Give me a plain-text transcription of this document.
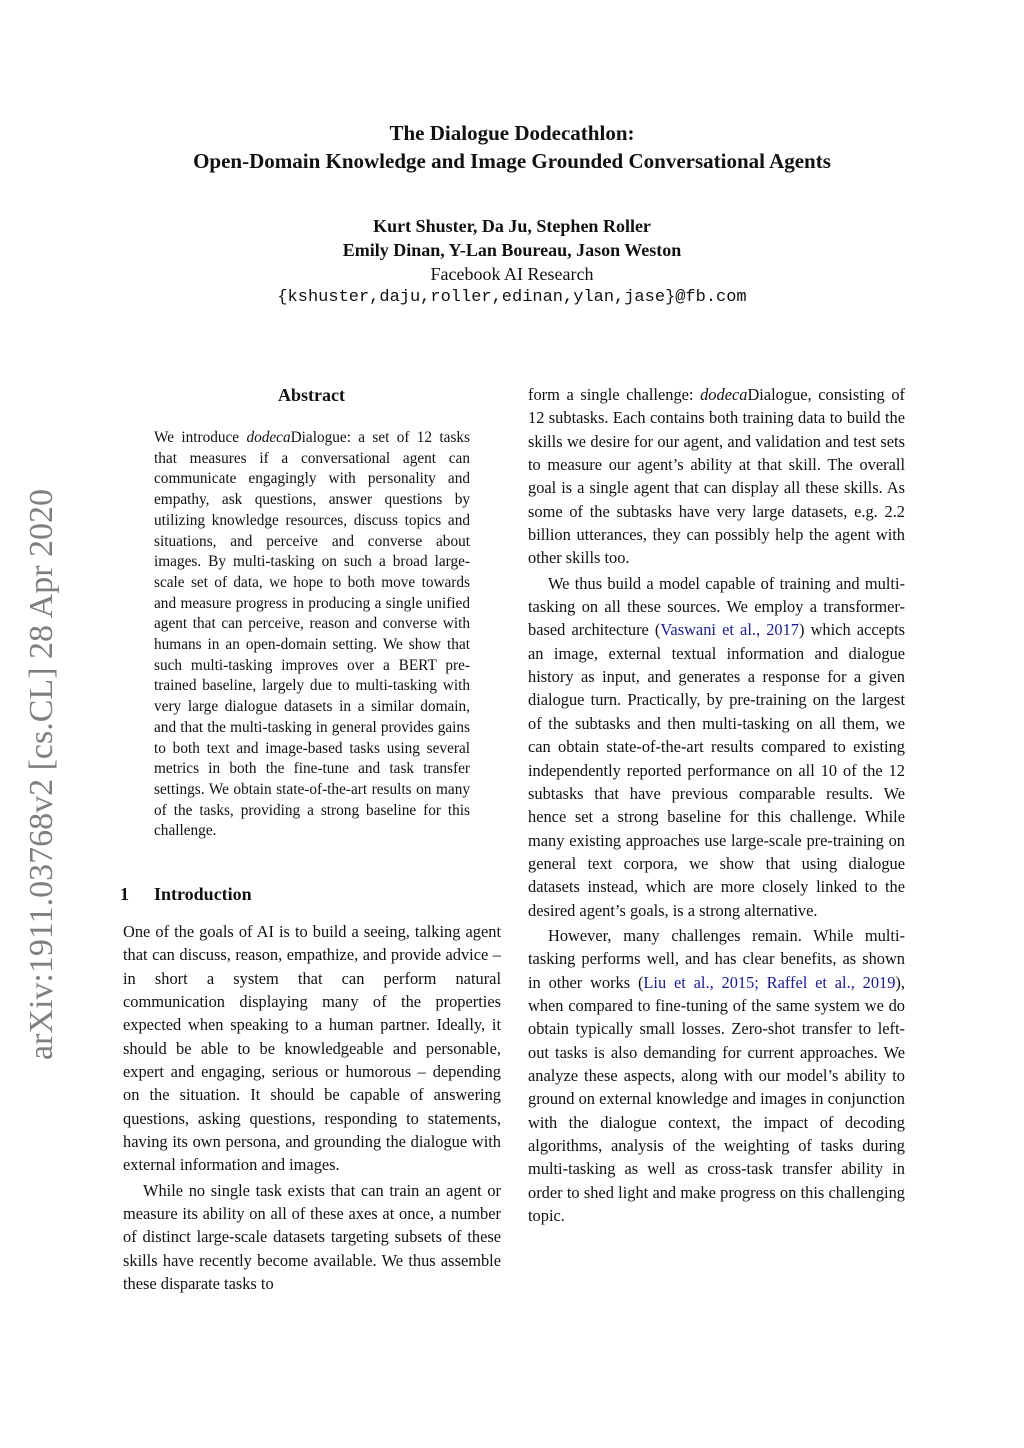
The Dialogue Dodecathlon:
Open-Domain Knowledge and Image Grounded Conversational Agents
Kurt Shuster, Da Ju, Stephen Roller
Emily Dinan, Y-Lan Boureau, Jason Weston
Facebook AI Research
{kshuster,daju,roller,edinan,ylan,jase}@fb.com
arXiv:1911.03768v2 [cs.CL] 28 Apr 2020
Abstract

We introduce dodecaDialogue: a set of 12 tasks that measures if a conversational agent can communicate engagingly with personality and empathy, ask questions, answer questions by utilizing knowledge resources, discuss topics and situations, and perceive and converse about images. By multi-tasking on such a broad large-scale set of data, we hope to both move towards and measure progress in producing a single unified agent that can perceive, reason and converse with humans in an open-domain setting. We show that such multi-tasking improves over a BERT pre-trained baseline, largely due to multi-tasking with very large dialogue datasets in a similar domain, and that the multi-tasking in general provides gains to both text and image-based tasks using several metrics in both the fine-tune and task transfer settings. We obtain state-of-the-art results on many of the tasks, providing a strong baseline for this challenge.

1 Introduction

One of the goals of AI is to build a seeing, talking agent that can discuss, reason, empathize, and provide advice – in short a system that can perform natural communication displaying many of the properties expected when speaking to a human partner. Ideally, it should be able to be knowledgeable and personable, expert and engaging, serious or humorous – depending on the situation. It should be capable of answering questions, asking questions, responding to statements, having its own persona, and grounding the dialogue with external information and images.

While no single task exists that can train an agent or measure its ability on all of these axes at once, a number of distinct large-scale datasets targeting subsets of these skills have recently become available. We thus assemble these disparate tasks to

form a single challenge: dodecaDialogue, consisting of 12 subtasks. Each contains both training data to build the skills we desire for our agent, and validation and test sets to measure our agent’s ability at that skill. The overall goal is a single agent that can display all these skills. As some of the subtasks have very large datasets, e.g. 2.2 billion utterances, they can possibly help the agent with other skills too.

We thus build a model capable of training and multi-tasking on all these sources. We employ a transformer-based architecture (Vaswani et al., 2017) which accepts an image, external textual information and dialogue history as input, and generates a response for a given dialogue turn. Practically, by pre-training on the largest of the subtasks and then multi-tasking on all them, we can obtain state-of-the-art results compared to existing independently reported performance on all 10 of the 12 subtasks that have previous comparable results. We hence set a strong baseline for this challenge. While many existing approaches use large-scale pre-training on general text corpora, we show that using dialogue datasets instead, which are more closely linked to the desired agent’s goals, is a strong alternative.

However, many challenges remain. While multi-tasking performs well, and has clear benefits, as shown in other works (Liu et al., 2015; Raffel et al., 2019), when compared to fine-tuning of the same system we do obtain typically small losses. Zero-shot transfer to left-out tasks is also demanding for current approaches. We analyze these aspects, along with our model’s ability to ground on external knowledge and images in conjunction with the dialogue context, the impact of decoding algorithms, analysis of the weighting of tasks during multi-tasking as well as cross-task transfer ability in order to shed light and make progress on this challenging topic.
